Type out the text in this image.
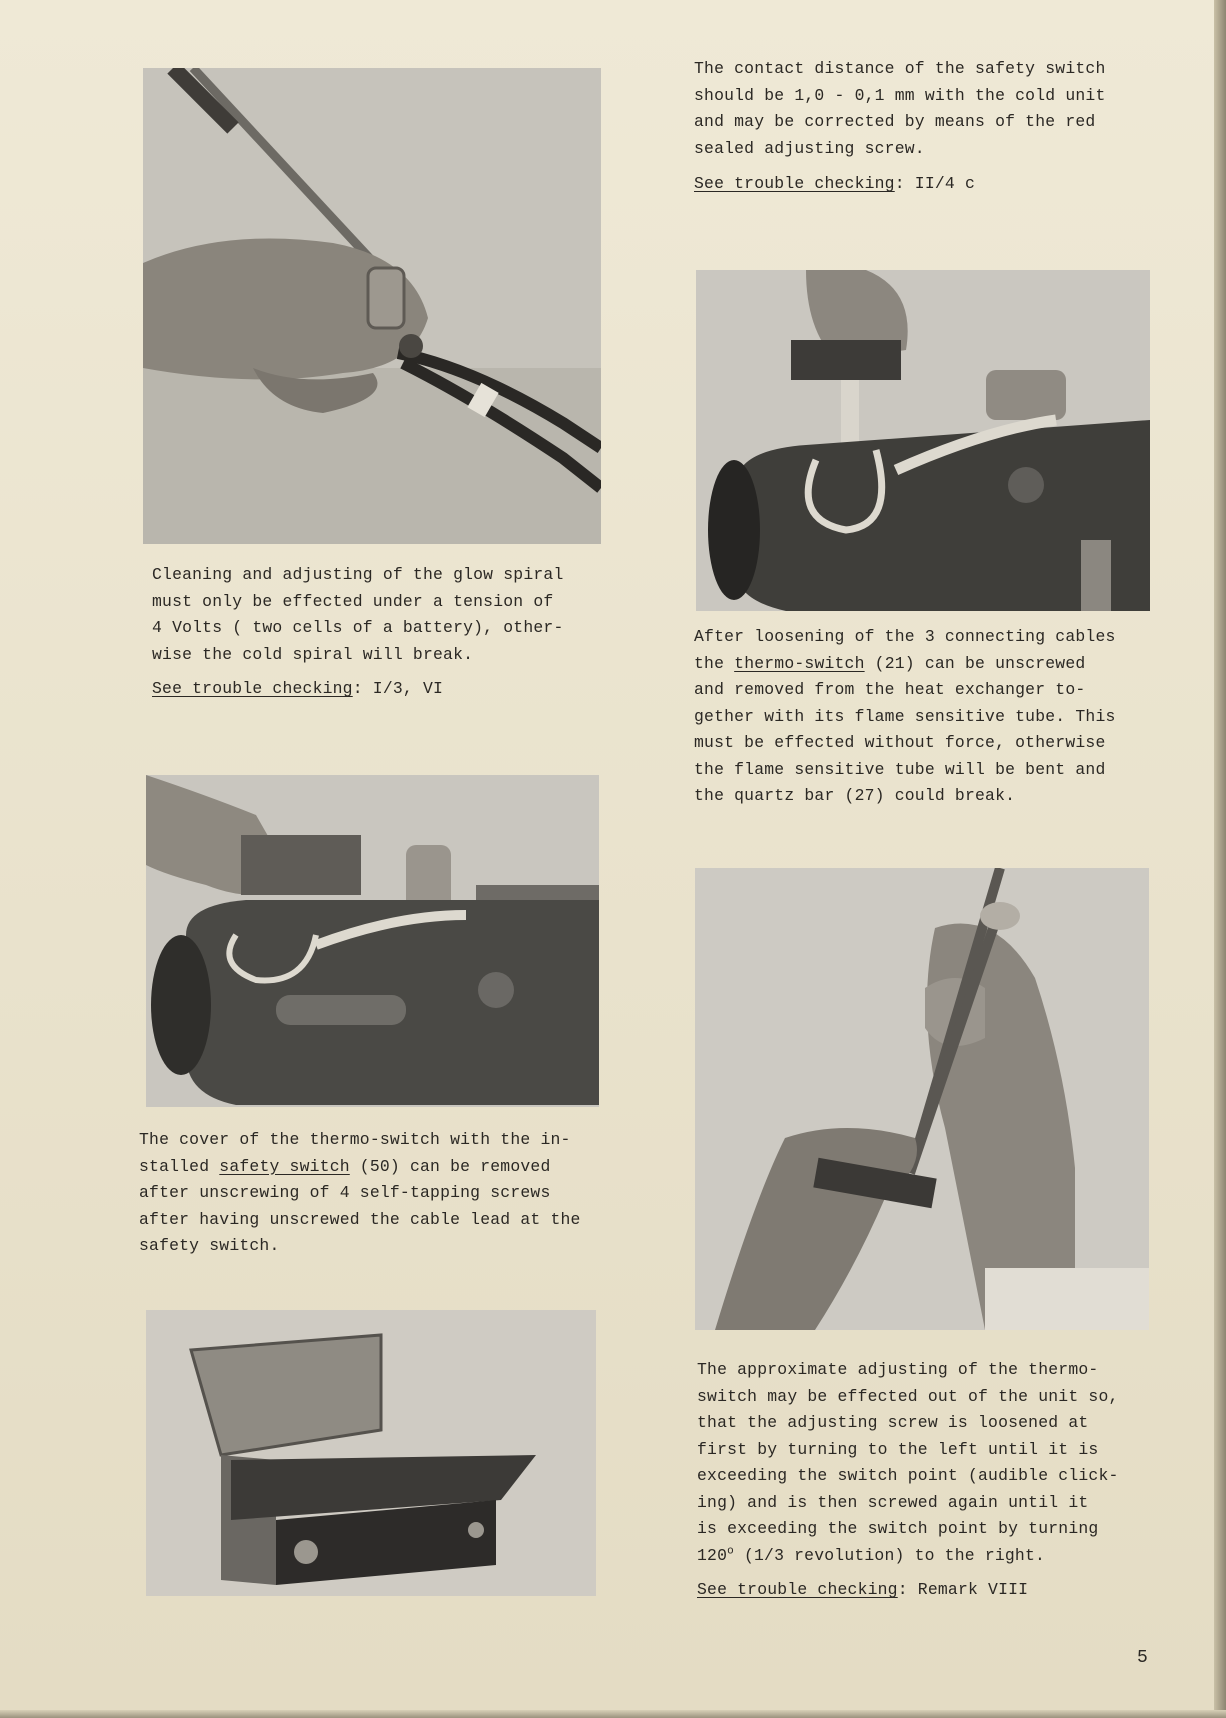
Cleaning and adjusting of the glow spiral
must only be effected under a tension of
4 Volts ( two cells of a battery), other-
wise the cold spiral will break.
See trouble checking: I/3, VI
The cover of the thermo-switch with the in-
stalled safety switch (50) can be removed
after unscrewing of 4 self-tapping screws
after having unscrewed the cable lead at the
safety switch.
The contact distance of the safety switch
should be 1,0 - 0,1 mm with the cold unit
and may be corrected by means of the red
sealed adjusting screw.
See trouble checking: II/4 c
After loosening of the 3 connecting cables
the thermo-switch (21) can be unscrewed
and removed from the heat exchanger to-
gether with its flame sensitive tube. This
must be effected without force, otherwise
the flame sensitive tube will be bent and
the quartz bar (27) could break.
The approximate adjusting of the thermo-
switch may be effected out of the unit so,
that the adjusting screw is loosened at
first by turning to the left until it is
exceeding the switch point (audible click-
ing) and is then screwed again until it
is exceeding the switch point by turning
120$^o$ (1/3 revolution) to the right.
See trouble checking: Remark VIII
5
